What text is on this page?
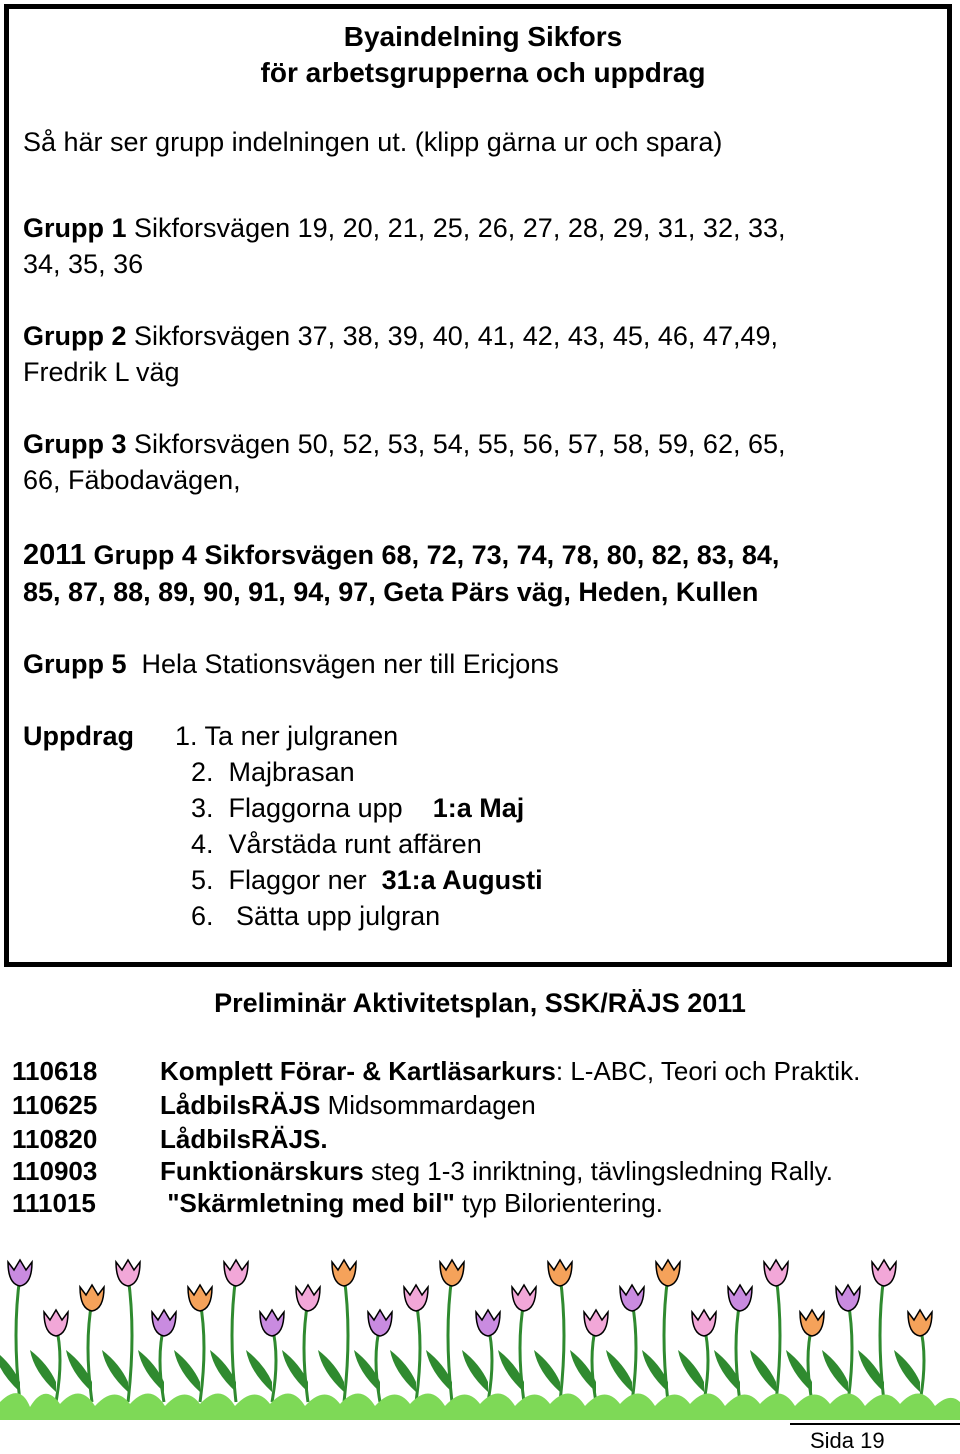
Byaindelning Sikfors
för arbetsgrupperna och uppdrag
Så här ser grupp indelningen ut. (klipp gärna ur och spara)
Grupp 1 Sikforsvägen 19, 20, 21, 25, 26, 27, 28, 29, 31, 32, 33,
34, 35, 36
Grupp 2 Sikforsvägen 37, 38, 39, 40, 41, 42, 43, 45, 46, 47,49,
Fredrik L väg
Grupp 3 Sikforsvägen 50, 52, 53, 54, 55, 56, 57, 58, 59, 62, 65,
66, Fäbodavägen,
2011 Grupp 4 Sikforsvägen 68, 72, 73, 74, 78, 80, 82, 83, 84,
85, 87, 88, 89, 90, 91, 94, 97, Geta Pärs väg, Heden, Kullen
Grupp 5 Hela Stationsvägen ner till Ericjons
Uppdrag 1. Ta ner julgranen
2. Majbrasan
3. Flaggorna upp 1:a Maj
4. Vårstäda runt affären
5. Flaggor ner 31:a Augusti
6.   Sätta upp julgran
Preliminär Aktivitetsplan, SSK/RÄJS 2011
110618 Komplett Förar- & Kartläsarkurs: L-ABC, Teori och Praktik.
110625 LådbilsRÄJS Midsommardagen
110820 LådbilsRÄJS.
110903 Funktionärskurs steg 1-3 inriktning, tävlingsledning Rally.
111015 "Skärmletning med bil" typ Bilorientering.
Sida 19
